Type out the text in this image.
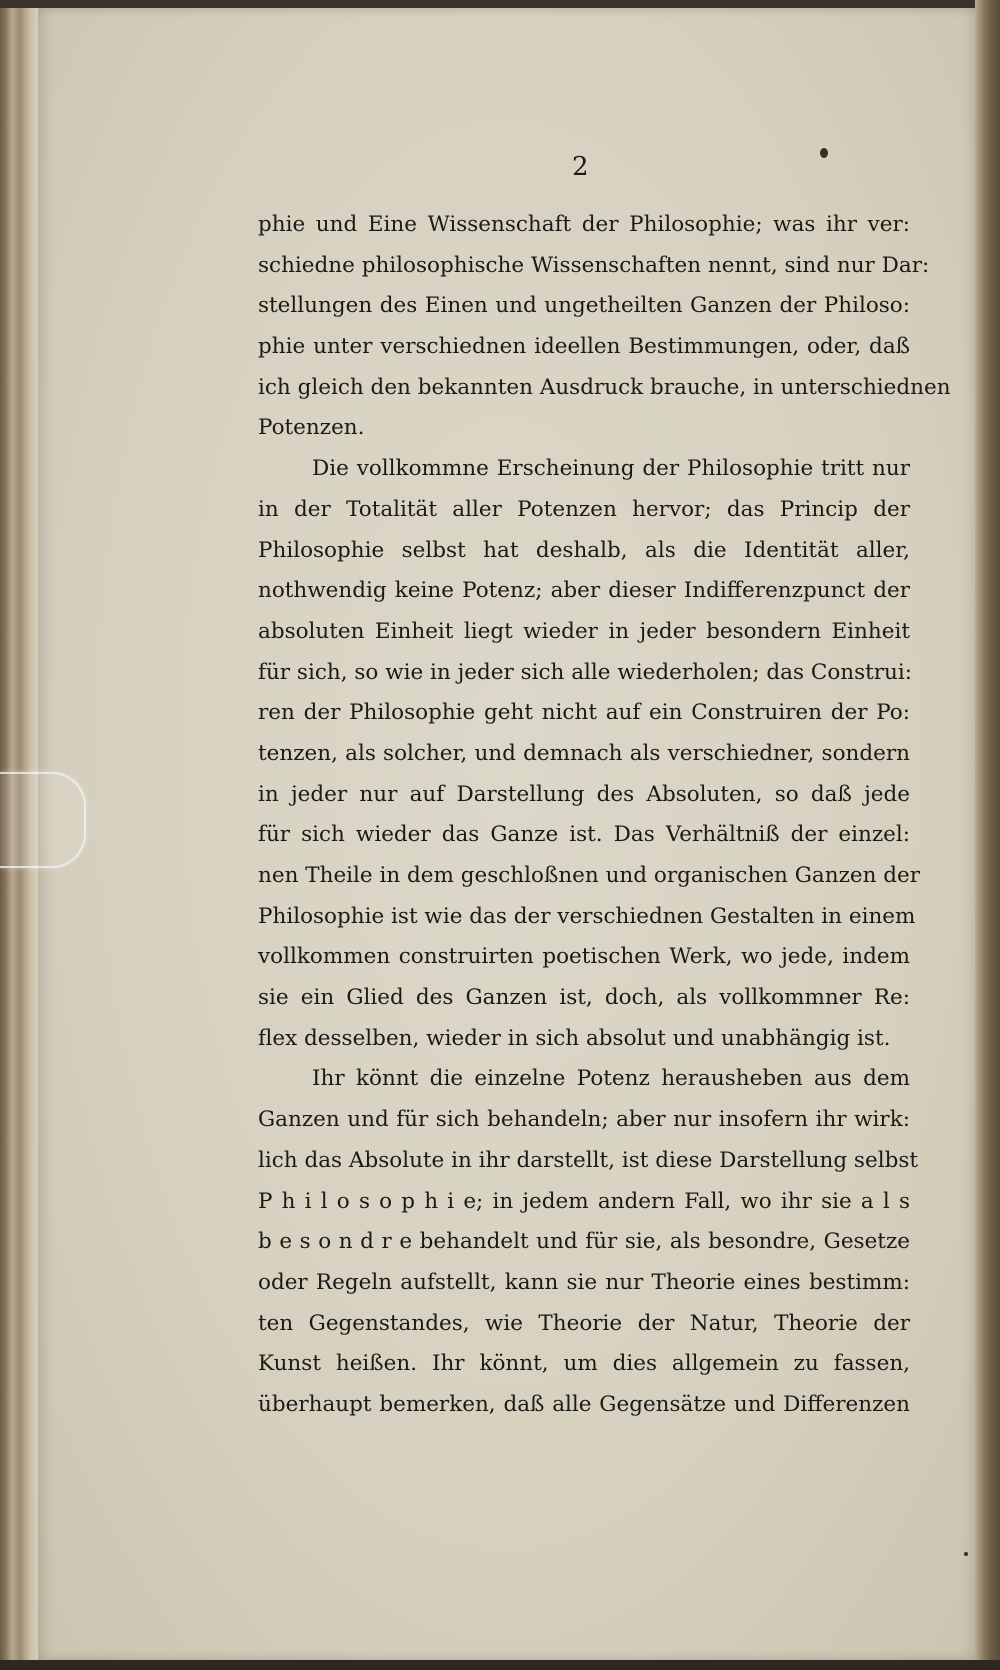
2
phie und Eine Wissenschaft der Philosophie; was ihr ver:
schiedne philosophische Wissenschaften nennt, sind nur Dar:
stellungen des Einen und ungetheilten Ganzen der Philoso:
phie unter verschiednen ideellen Bestimmungen, oder, daß
ich gleich den bekannten Ausdruck brauche, in unterschiednen
Potenzen.
Die vollkommne Erscheinung der Philosophie tritt nur
in der Totalität aller Potenzen hervor; das Princip der
Philosophie selbst hat deshalb, als die Identität aller,
nothwendig keine Potenz; aber dieser Indifferenzpunct der
absoluten Einheit liegt wieder in jeder besondern Einheit
für sich, so wie in jeder sich alle wiederholen; das Construi:
ren der Philosophie geht nicht auf ein Construiren der Po:
tenzen, als solcher, und demnach als verschiedner, sondern
in jeder nur auf Darstellung des Absoluten, so daß jede
für sich wieder das Ganze ist. Das Verhältniß der einzel:
nen Theile in dem geschloßnen und organischen Ganzen der
Philosophie ist wie das der verschiednen Gestalten in einem
vollkommen construirten poetischen Werk, wo jede, indem
sie ein Glied des Ganzen ist, doch, als vollkommner Re:
flex desselben, wieder in sich absolut und unabhängig ist.
Ihr könnt die einzelne Potenz herausheben aus dem
Ganzen und für sich behandeln; aber nur insofern ihr wirk:
lich das Absolute in ihr darstellt, ist diese Darstellung selbst
P h i l o s o p h i e; in jedem andern Fall, wo ihr sie a l s
b e s o n d r e behandelt und für sie, als besondre, Gesetze
oder Regeln aufstellt, kann sie nur Theorie eines bestimm:
ten Gegenstandes, wie Theorie der Natur, Theorie der
Kunst heißen. Ihr könnt, um dies allgemein zu fassen,
überhaupt bemerken, daß alle Gegensätze und Differenzen
